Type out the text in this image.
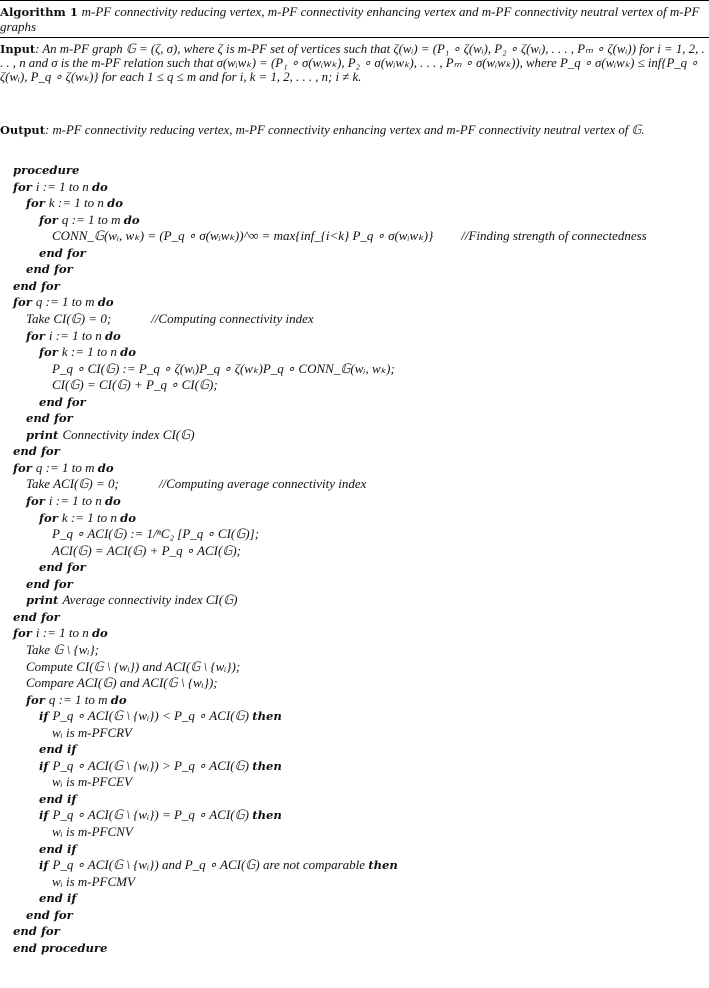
Algorithm 1 m-PF connectivity reducing vertex, m-PF connectivity enhancing vertex and m-PF connectivity neutral vertex of m-PF graphs
Input: An m-PF graph 𝔾 = (ζ, σ), where ζ is m-PF set of vertices such that ζ(wᵢ) = (P₁ ∘ ζ(wᵢ), P₂ ∘ ζ(wᵢ), . . . , Pₘ ∘ ζ(wᵢ)) for i = 1, 2, . . . , n and σ is the m-PF relation such that σ(wᵢwₖ) = (P₁ ∘ σ(wᵢwₖ), P₂ ∘ σ(wᵢwₖ), . . . , Pₘ ∘ σ(wᵢwₖ)), where P_q ∘ σ(wᵢwₖ) ≤ inf{P_q ∘ ζ(wᵢ), P_q ∘ ζ(wₖ)} for each 1 ≤ q ≤ m and for i, k = 1, 2, . . . , n; i ≠ k.
Output: m-PF connectivity reducing vertex, m-PF connectivity enhancing vertex and m-PF connectivity neutral vertex of 𝔾.
procedure
for i := 1 to n do
for k := 1 to n do
for q := 1 to m do
CONN_𝔾(wᵢ, wₖ) = (P_q ∘ σ(wᵢwₖ))^∞ = max{inf_{i<k} P_q ∘ σ(wᵢwₖ)} //Finding strength of connectedness
end for
end for
end for
for q := 1 to m do
Take CI(𝔾) = 0;	//Computing connectivity index
for i := 1 to n do
for k := 1 to n do
P_q ∘ CI(𝔾) := P_q ∘ ζ(wᵢ)P_q ∘ ζ(wₖ)P_q ∘ CONN_𝔾(wᵢ, wₖ);
CI(𝔾) = CI(𝔾) + P_q ∘ CI(𝔾);
end for
end for
print Connectivity index CI(𝔾)
end for
for q := 1 to m do
Take ACI(𝔾) = 0;	//Computing average connectivity index
for i := 1 to n do
for k := 1 to n do
P_q ∘ ACI(𝔾) := 1/ⁿC₂ [P_q ∘ CI(𝔾)];
ACI(𝔾) = ACI(𝔾) + P_q ∘ ACI(𝔾);
end for
end for
print Average connectivity index CI(𝔾)
end for
for i := 1 to n do
Take 𝔾 \ {wᵢ};
Compute CI(𝔾 \ {wᵢ}) and ACI(𝔾 \ {wᵢ});
Compare ACI(𝔾) and ACI(𝔾 \ {wᵢ});
for q := 1 to m do
if P_q ∘ ACI(𝔾 \ {wᵢ}) < P_q ∘ ACI(𝔾) then
wᵢ is m-PFCRV
end if
if P_q ∘ ACI(𝔾 \ {wᵢ}) > P_q ∘ ACI(𝔾) then
wᵢ is m-PFCEV
end if
if P_q ∘ ACI(𝔾 \ {wᵢ}) = P_q ∘ ACI(𝔾) then
wᵢ is m-PFCNV
end if
if P_q ∘ ACI(𝔾 \ {wᵢ}) and P_q ∘ ACI(𝔾) are not comparable then
wᵢ is m-PFCMV
end if
end for
end for
end procedure
